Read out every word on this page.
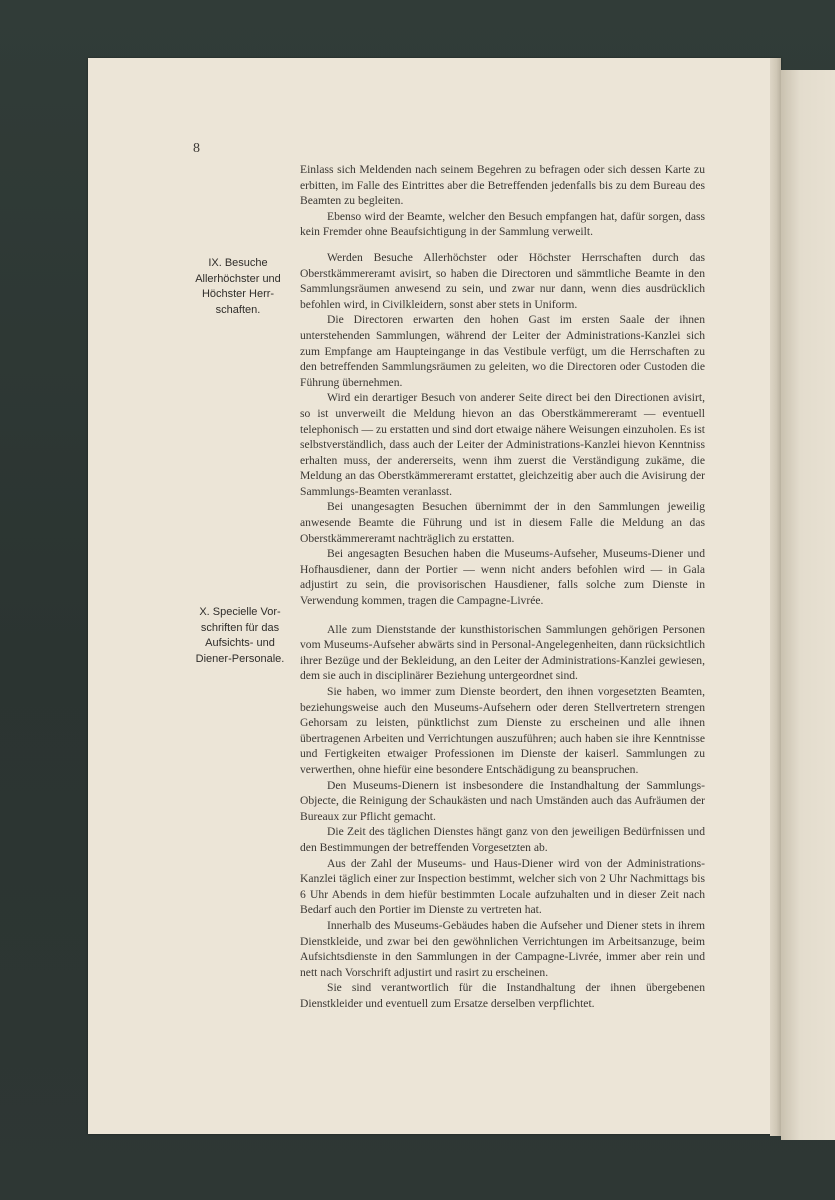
8
IX. Besuche
Allerhöchster und
Höchster Herr-
schaften.
X. Specielle Vor-
schriften für das
Aufsichts- und
Diener-Personale.

Einlass sich Meldenden nach seinem Begehren zu befragen oder sich dessen Karte zu erbitten, im Falle des Eintrittes aber die Betreffenden jedenfalls bis zu dem Bureau des Beamten zu begleiten.

Ebenso wird der Beamte, welcher den Besuch empfangen hat, dafür sorgen, dass kein Fremder ohne Beaufsichtigung in der Sammlung verweilt.

Werden Besuche Allerhöchster oder Höchster Herrschaften durch das Oberstkämmereramt avisirt, so haben die Directoren und sämmtliche Beamte in den Sammlungsräumen anwesend zu sein, und zwar nur dann, wenn dies ausdrücklich befohlen wird, in Civilkleidern, sonst aber stets in Uniform.

Die Directoren erwarten den hohen Gast im ersten Saale der ihnen unterstehenden Sammlungen, während der Leiter der Administrations-Kanzlei sich zum Empfange am Haupteingange in das Vestibule verfügt, um die Herrschaften zu den betreffenden Sammlungsräumen zu geleiten, wo die Directoren oder Custoden die Führung übernehmen.

Wird ein derartiger Besuch von anderer Seite direct bei den Directionen avisirt, so ist unverweilt die Meldung hievon an das Oberstkämmereramt — eventuell telephonisch — zu erstatten und sind dort etwaige nähere Weisungen einzuholen. Es ist selbstverständlich, dass auch der Leiter der Administrations-Kanzlei hievon Kenntniss erhalten muss, der andererseits, wenn ihm zuerst die Verständigung zukäme, die Meldung an das Oberstkämmereramt erstattet, gleichzeitig aber auch die Avisirung der Sammlungs-Beamten veranlasst.

Bei unangesagten Besuchen übernimmt der in den Sammlungen jeweilig anwesende Beamte die Führung und ist in diesem Falle die Meldung an das Oberstkämmereramt nachträglich zu erstatten.

Bei angesagten Besuchen haben die Museums-Aufseher, Museums-Diener und Hofhausdiener, dann der Portier — wenn nicht anders befohlen wird — in Gala adjustirt zu sein, die provisorischen Hausdiener, falls solche zum Dienste in Verwendung kommen, tragen die Campagne-Livrée.

Alle zum Dienststande der kunsthistorischen Sammlungen gehörigen Personen vom Museums-Aufseher abwärts sind in Personal-Angelegenheiten, dann rücksichtlich ihrer Bezüge und der Bekleidung, an den Leiter der Administrations-Kanzlei gewiesen, dem sie auch in disciplinärer Beziehung untergeordnet sind.

Sie haben, wo immer zum Dienste beordert, den ihnen vorgesetzten Beamten, beziehungsweise auch den Museums-Aufsehern oder deren Stellvertretern strengen Gehorsam zu leisten, pünktlichst zum Dienste zu erscheinen und alle ihnen übertragenen Arbeiten und Verrichtungen auszuführen; auch haben sie ihre Kenntnisse und Fertigkeiten etwaiger Professionen im Dienste der kaiserl. Sammlungen zu verwerthen, ohne hiefür eine besondere Entschädigung zu beanspruchen.

Den Museums-Dienern ist insbesondere die Instandhaltung der Sammlungs-Objecte, die Reinigung der Schaukästen und nach Umständen auch das Aufräumen der Bureaux zur Pflicht gemacht.

Die Zeit des täglichen Dienstes hängt ganz von den jeweiligen Bedürfnissen und den Bestimmungen der betreffenden Vorgesetzten ab.

Aus der Zahl der Museums- und Haus-Diener wird von der Administrations-Kanzlei täglich einer zur Inspection bestimmt, welcher sich von 2 Uhr Nachmittags bis 6 Uhr Abends in dem hiefür bestimmten Locale aufzuhalten und in dieser Zeit nach Bedarf auch den Portier im Dienste zu vertreten hat.

Innerhalb des Museums-Gebäudes haben die Aufseher und Diener stets in ihrem Dienstkleide, und zwar bei den gewöhnlichen Verrichtungen im Arbeitsanzuge, beim Aufsichtsdienste in den Sammlungen in der Campagne-Livrée, immer aber rein und nett nach Vorschrift adjustirt und rasirt zu erscheinen.

Sie sind verantwortlich für die Instandhaltung der ihnen übergebenen Dienstkleider und eventuell zum Ersatze derselben verpflichtet.
